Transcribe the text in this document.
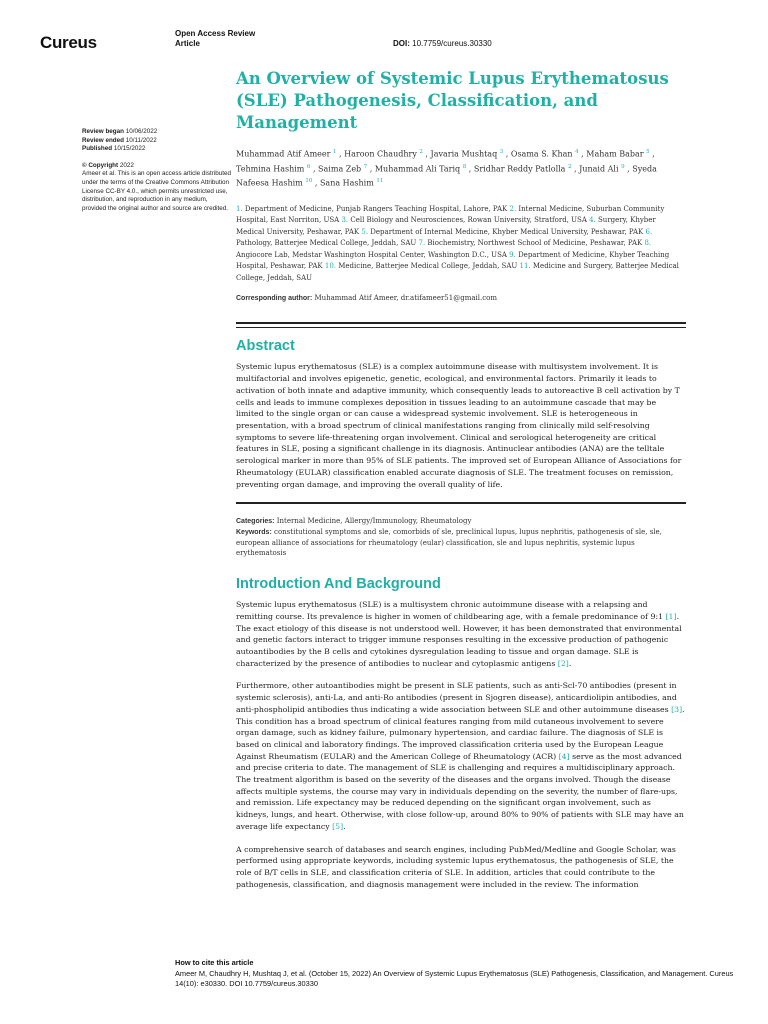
Cureus	Open Access Review
Article	DOI: 10.7759/cureus.30330

Review began 10/06/2022

Review ended 10/11/2022

Published 10/15/2022

© Copyright 2022

Ameer et al. This is an open access article distributed under the terms of the Creative Commons Attribution License CC-BY 4.0., which permits unrestricted use, distribution, and reproduction in any medium, provided the original author and source are credited.

An Overview of Systemic Lupus Erythematosus (SLE) Pathogenesis, Classification, and Management
Muhammad Atif Ameer $^1$ , Haroon Chaudhry $^2$ , Javaria Mushtaq $^3$ , Osama S. Khan $^4$ , Maham Babar $^5$ , Tehmina Hashim $^6$ , Saima Zeb $^7$ , Muhammad Ali Tariq $^8$ , Sridhar Reddy Patlolla $^2$ , Junaid Ali $^9$ , Syeda Nafeesa Hashim $^{10}$ , Sana Hashim $^{11}$
1. Department of Medicine, Punjab Rangers Teaching Hospital, Lahore, PAK 2. Internal Medicine, Suburban Community Hospital, East Norriton, USA 3. Cell Biology and Neurosciences, Rowan University, Stratford, USA 4. Surgery, Khyber Medical University, Peshawar, PAK 5. Department of Internal Medicine, Khyber Medical University, Peshawar, PAK 6. Pathology, Batterjee Medical College, Jeddah, SAU 7. Biochemistry, Northwest School of Medicine, Peshawar, PAK 8. Angiocore Lab, Medstar Washington Hospital Center, Washington D.C., USA 9. Department of Medicine, Khyber Teaching Hospital, Peshawar, PAK 10. Medicine, Batterjee Medical College, Jeddah, SAU 11. Medicine and Surgery, Batterjee Medical College, Jeddah, SAU
Corresponding author: Muhammad Atif Ameer, dr.atifameer51@gmail.com
Abstract

Systemic lupus erythematosus (SLE) is a complex autoimmune disease with multisystem involvement. It is multifactorial and involves epigenetic, genetic, ecological, and environmental factors. Primarily it leads to activation of both innate and adaptive immunity, which consequently leads to autoreactive B cell activation by T cells and leads to immune complexes deposition in tissues leading to an autoimmune cascade that may be limited to the single organ or can cause a widespread systemic involvement. SLE is heterogeneous in presentation, with a broad spectrum of clinical manifestations ranging from clinically mild self-resolving symptoms to severe life-threatening organ involvement. Clinical and serological heterogeneity are critical features in SLE, posing a significant challenge in its diagnosis. Antinuclear antibodies (ANA) are the telltale serological marker in more than 95% of SLE patients. The improved set of European Alliance of Associations for Rheumatology (EULAR) classification enabled accurate diagnosis of SLE. The treatment focuses on remission, preventing organ damage, and improving the overall quality of life.

Categories: Internal Medicine, Allergy/Immunology, Rheumatology
Keywords: constitutional symptoms and sle, comorbids of sle, preclinical lupus, lupus nephritis, pathogenesis of sle, sle, european alliance of associations for rheumatology (eular) classification, sle and lupus nephritis, systemic lupus erythematosis
Introduction And Background

Systemic lupus erythematosus (SLE) is a multisystem chronic autoimmune disease with a relapsing and remitting course. Its prevalence is higher in women of childbearing age, with a female predominance of 9:1 [1]. The exact etiology of this disease is not understood well. However, it has been demonstrated that environmental and genetic factors interact to trigger immune responses resulting in the excessive production of pathogenic autoantibodies by the B cells and cytokines dysregulation leading to tissue and organ damage. SLE is characterized by the presence of antibodies to nuclear and cytoplasmic antigens [2].

Furthermore, other autoantibodies might be present in SLE patients, such as anti-Scl-70 antibodies (present in systemic sclerosis), anti-La, and anti-Ro antibodies (present in Sjogren disease), anticardiolipin antibodies, and anti-phospholipid antibodies thus indicating a wide association between SLE and other autoimmune diseases [3]. This condition has a broad spectrum of clinical features ranging from mild cutaneous involvement to severe organ damage, such as kidney failure, pulmonary hypertension, and cardiac failure. The diagnosis of SLE is based on clinical and laboratory findings. The improved classification criteria used by the European League Against Rheumatism (EULAR) and the American College of Rheumatology (ACR) [4] serve as the most advanced and precise criteria to date. The management of SLE is challenging and requires a multidisciplinary approach. The treatment algorithm is based on the severity of the diseases and the organs involved. Though the disease affects multiple systems, the course may vary in individuals depending on the severity, the number of flare-ups, and remission. Life expectancy may be reduced depending on the significant organ involvement, such as kidneys, lungs, and heart. Otherwise, with close follow-up, around 80% to 90% of patients with SLE may have an average life expectancy [5].

A comprehensive search of databases and search engines, including PubMed/Medline and Google Scholar, was performed using appropriate keywords, including systemic lupus erythematosus, the pathogenesis of SLE, the role of B/T cells in SLE, and classification criteria of SLE. In addition, articles that could contribute to the pathogenesis, classification, and diagnosis management were included in the review. The information

How to cite this article
Ameer M, Chaudhry H, Mushtaq J, et al. (October 15, 2022) An Overview of Systemic Lupus Erythematosus (SLE) Pathogenesis, Classification, and Management. Cureus 14(10): e30330. DOI 10.7759/cureus.30330
